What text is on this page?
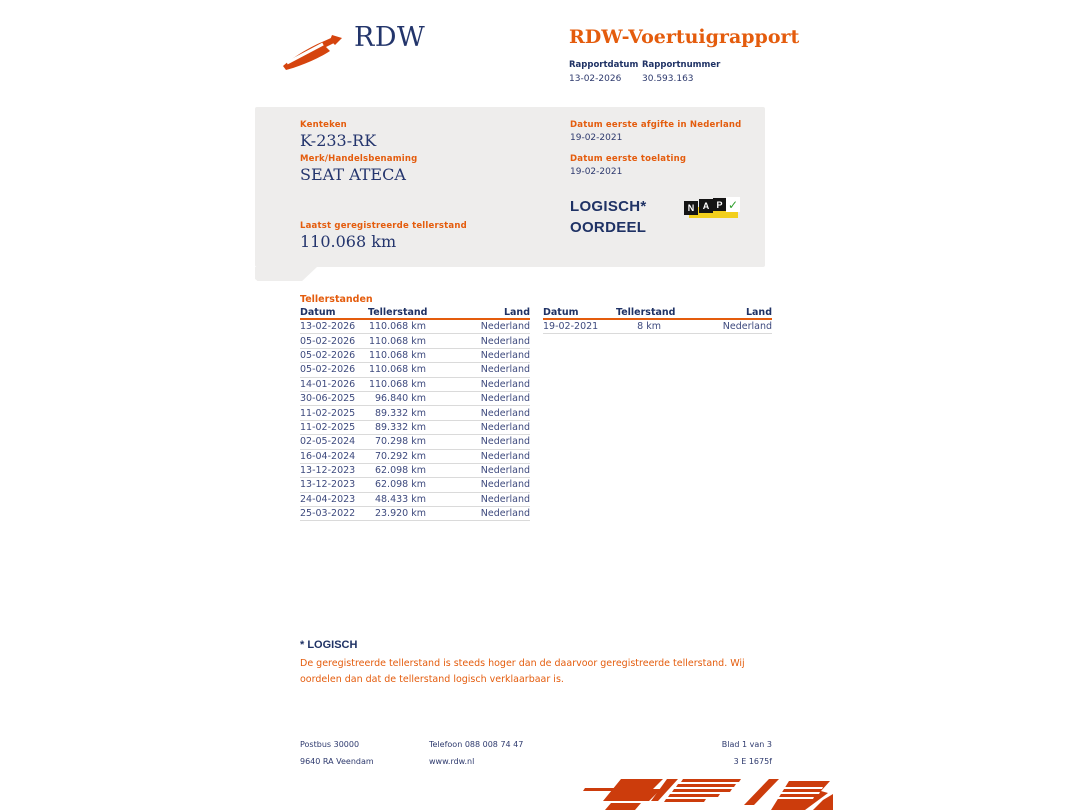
RDW	RDW-Voertuigrapport
Rapportdatum
13-02-2026
Rapportnummer
30.593.163
Kenteken
K-233-RK
Merk/Handelsbenaming
SEAT ATECA
Laatst geregistreerde tellerstand
110.068 km
Datum eerste afgifte in Nederland
19-02-2021
Datum eerste toelating
19-02-2021
LOGISCH*
OORDEEL
N A P ✓
Tellerstanden
Datum	Tellerstand	Land
13-02-2026	110.068 km	Nederland
05-02-2026	110.068 km	Nederland
05-02-2026	110.068 km	Nederland
05-02-2026	110.068 km	Nederland
14-01-2026	110.068 km	Nederland
30-06-2025	96.840 km	Nederland
11-02-2025	89.332 km	Nederland
11-02-2025	89.332 km	Nederland
02-05-2024	70.298 km	Nederland
16-04-2024	70.292 km	Nederland
13-12-2023	62.098 km	Nederland
13-12-2023	62.098 km	Nederland
24-04-2023	48.433 km	Nederland
25-03-2022	23.920 km	Nederland
Datum	Tellerstand	Land
19-02-2021	8 km	Nederland
* LOGISCH
De geregistreerde tellerstand is steeds hoger dan de daarvoor geregistreerde tellerstand. Wij oordelen dan dat de tellerstand logisch verklaarbaar is.
Postbus 30000
9640 RA Veendam
Telefoon 088 008 74 47
www.rdw.nl
Blad 1 van 3
3 E 1675f
